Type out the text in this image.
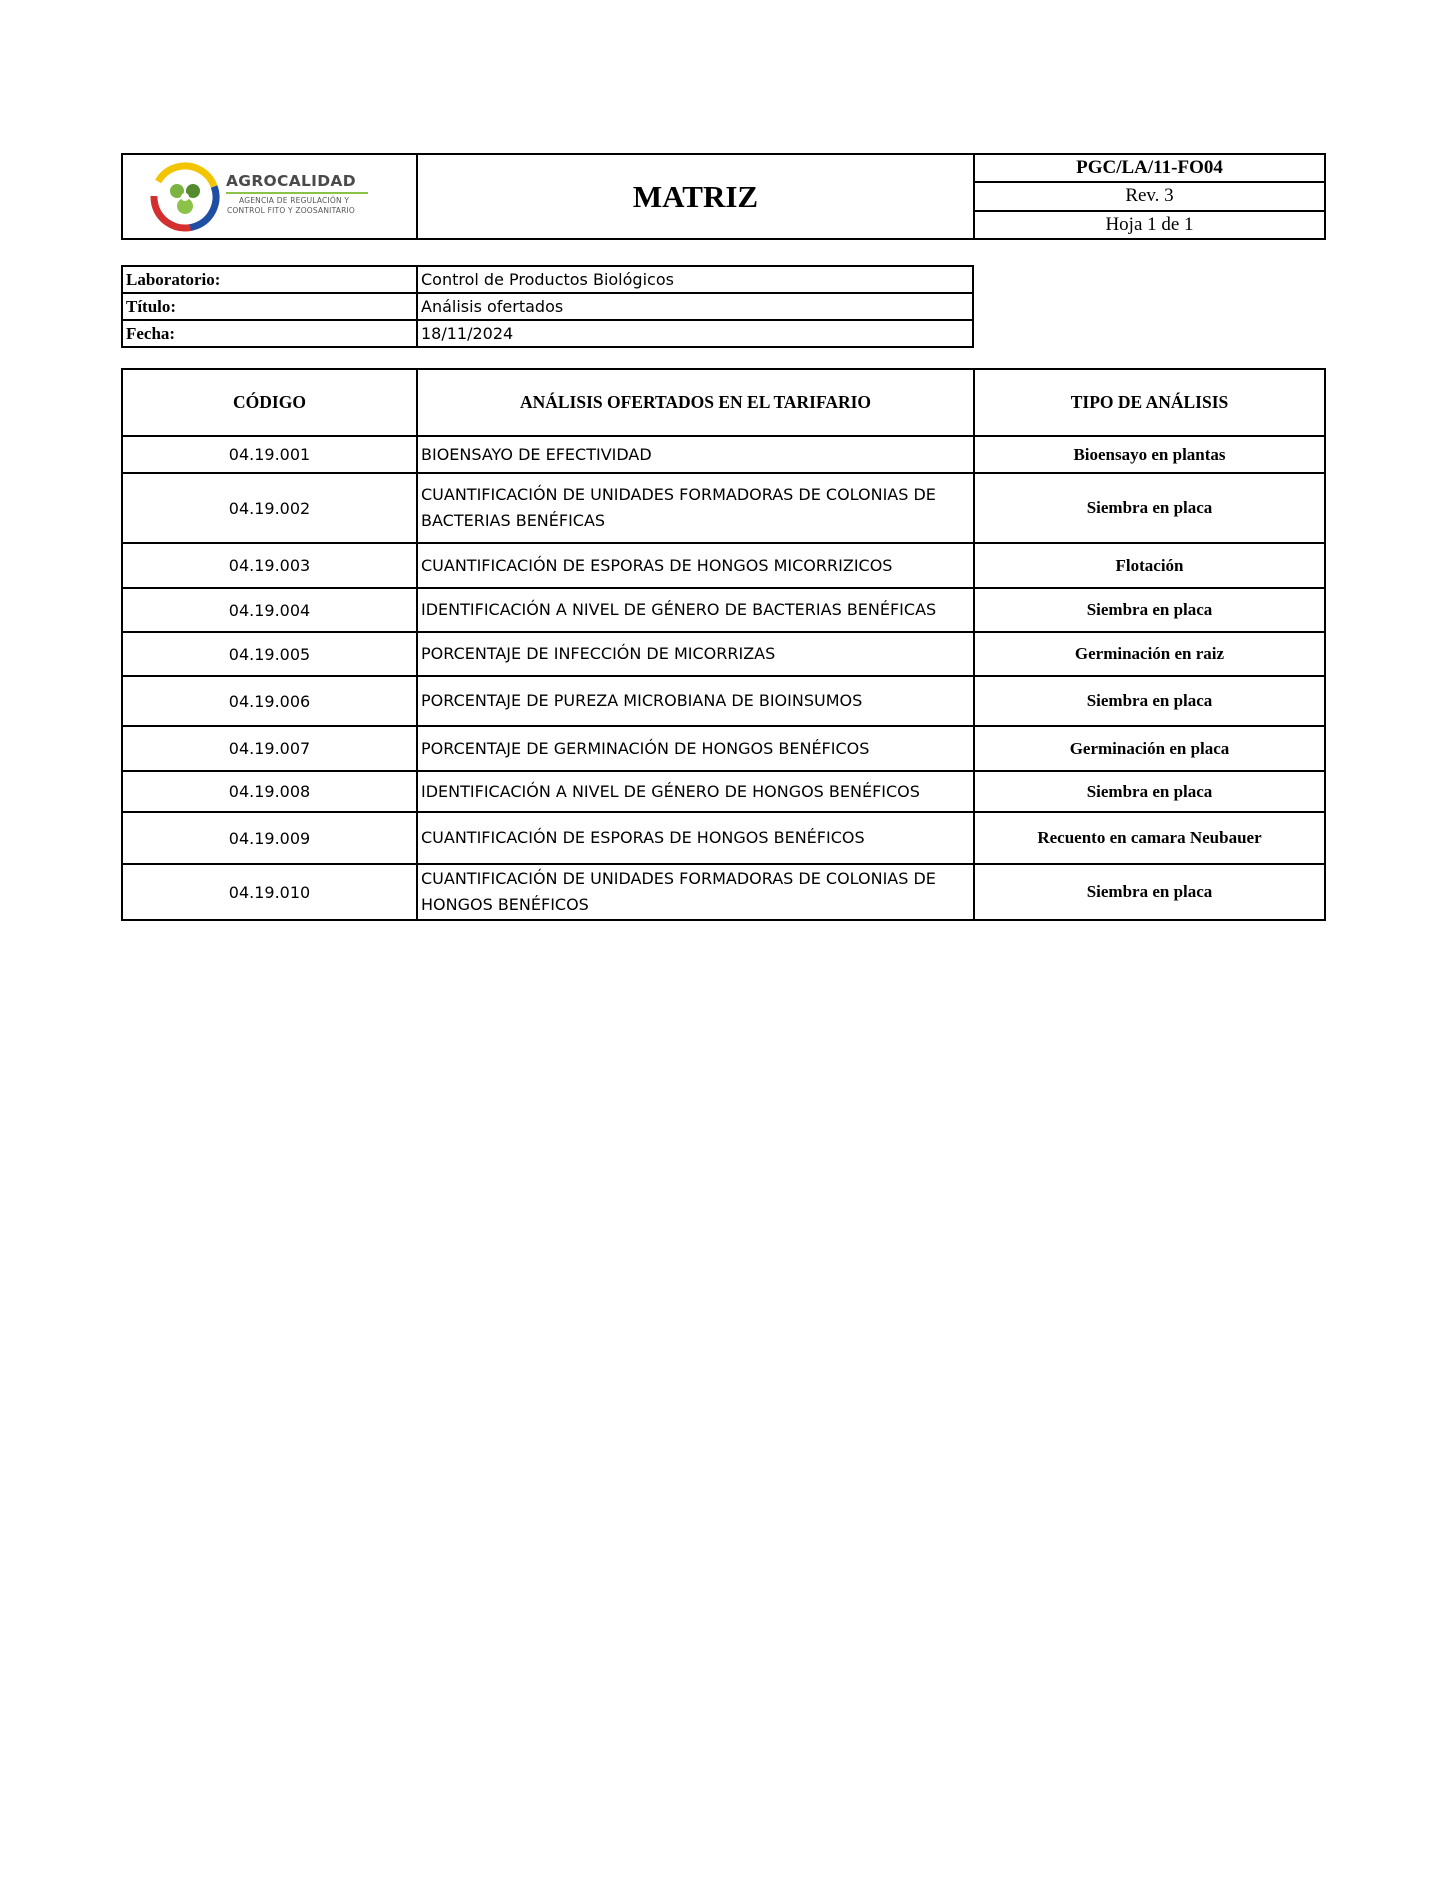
AGROCALIDAD
AGENCIA DE REGULACIÓN Y
CONTROL FITO Y ZOOSANITARIO	MATRIZ
PGC/LA/11-FO04
Rev. 3
Hoja 1 de 1
Laboratorio:	Control de Productos Biológicos
Título:	Análisis ofertados
Fecha:	18/11/2024
CÓDIGO	ANÁLISIS OFERTADOS EN EL TARIFARIO	TIPO DE ANÁLISIS
04.19.001	BIOENSAYO DE EFECTIVIDAD	Bioensayo en plantas
04.19.002	CUANTIFICACIÓN DE UNIDADES FORMADORAS DE COLONIAS DE BACTERIAS BENÉFICAS	Siembra en placa
04.19.003	CUANTIFICACIÓN DE ESPORAS DE HONGOS MICORRIZICOS	Flotación
04.19.004	IDENTIFICACIÓN A NIVEL DE GÉNERO DE BACTERIAS BENÉFICAS	Siembra en placa
04.19.005	PORCENTAJE DE INFECCIÓN DE MICORRIZAS	Germinación en raiz
04.19.006	PORCENTAJE DE PUREZA MICROBIANA DE BIOINSUMOS	Siembra en placa
04.19.007	PORCENTAJE DE GERMINACIÓN DE HONGOS BENÉFICOS	Germinación en placa
04.19.008	IDENTIFICACIÓN A NIVEL DE GÉNERO DE HONGOS BENÉFICOS	Siembra en placa
04.19.009	CUANTIFICACIÓN DE ESPORAS DE HONGOS BENÉFICOS	Recuento en camara Neubauer
04.19.010	CUANTIFICACIÓN DE UNIDADES FORMADORAS DE COLONIAS DE HONGOS BENÉFICOS	Siembra en placa
